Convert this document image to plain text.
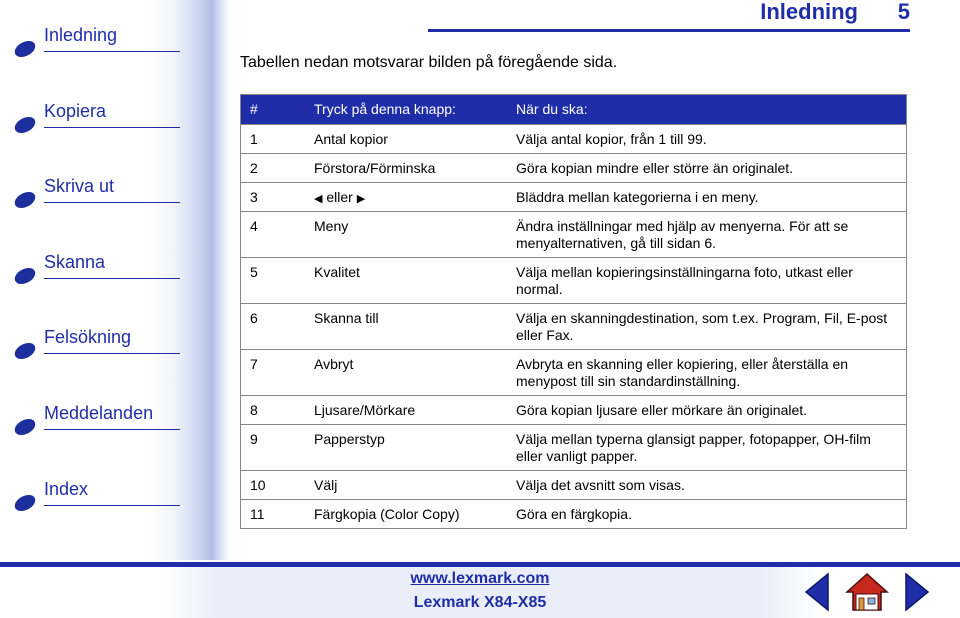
Inledning
Kopiera
Skriva ut
Skanna
Felsökning
Meddelanden
Index
Inledning	5
Tabellen nedan motsvarar bilden på föregående sida.
#	Tryck på denna knapp:	När du ska:
1	Antal kopior	Välja antal kopior, från 1 till 99.
2	Förstora/Förminska	Göra kopian mindre eller större än originalet.
3	◀ eller ▶	Bläddra mellan kategorierna i en meny.
4	Meny	Ändra inställningar med hjälp av menyerna. För att se menyalternativen, gå till sidan 6.
5	Kvalitet	Välja mellan kopieringsinställningarna foto, utkast eller normal.
6	Skanna till	Välja en skanningdestination, som t.ex. Program, Fil, E-post eller Fax.
7	Avbryt	Avbryta en skanning eller kopiering, eller återställa en menypost till sin standardinställning.
8	Ljusare/Mörkare	Göra kopian ljusare eller mörkare än originalet.
9	Papperstyp	Välja mellan typerna glansigt papper, fotopapper, OH-film eller vanligt papper.
10	Välj	Välja det avsnitt som visas.
11	Färgkopia (Color Copy)	Göra en färgkopia.
www.lexmark.com
Lexmark X84-X85
